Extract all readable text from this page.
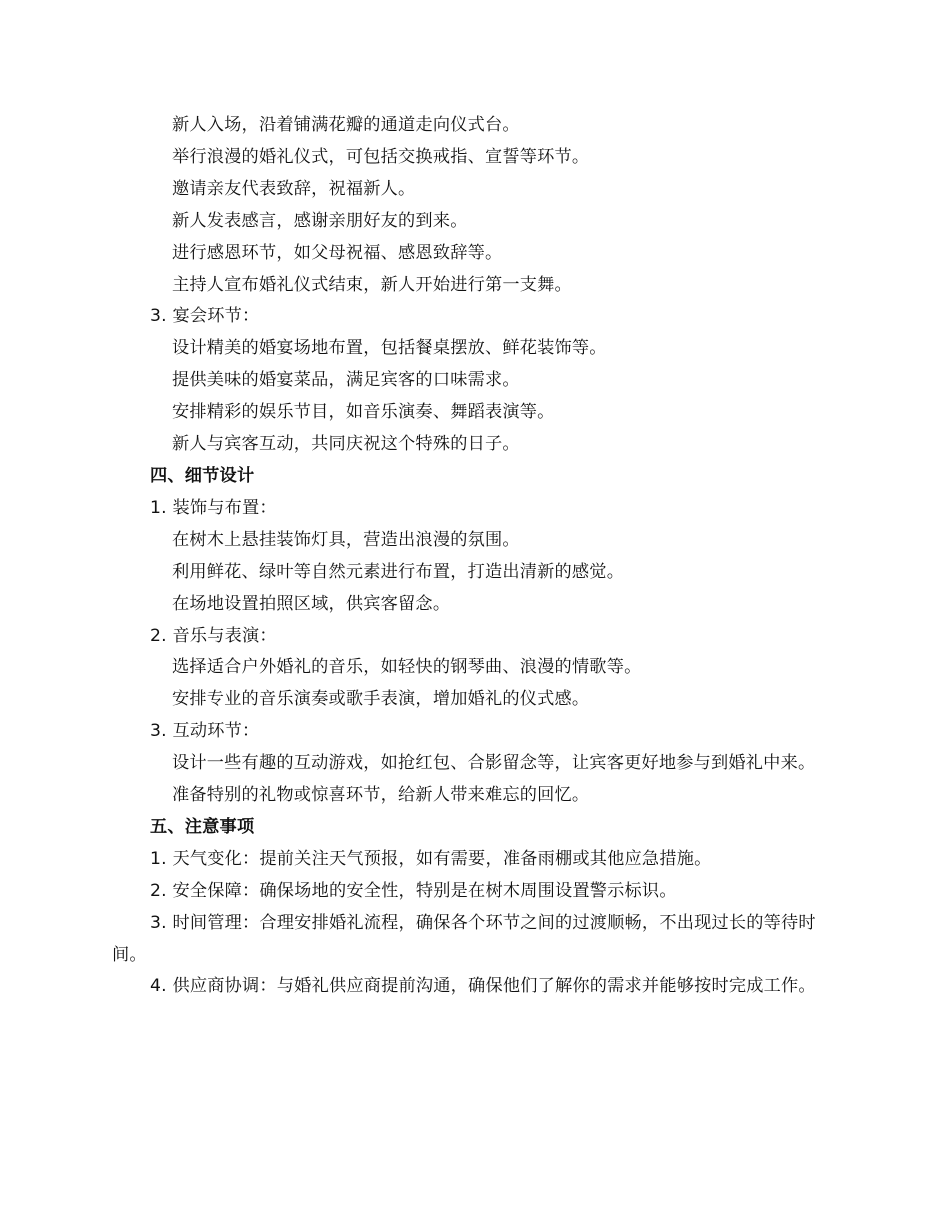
新人入场，沿着铺满花瓣的通道走向仪式台。
举行浪漫的婚礼仪式，可包括交换戒指、宣誓等环节。
邀请亲友代表致辞，祝福新人。
新人发表感言，感谢亲朋好友的到来。
进行感恩环节，如父母祝福、感恩致辞等。
主持人宣布婚礼仪式结束，新人开始进行第一支舞。
3. 宴会环节：
设计精美的婚宴场地布置，包括餐桌摆放、鲜花装饰等。
提供美味的婚宴菜品，满足宾客的口味需求。
安排精彩的娱乐节目，如音乐演奏、舞蹈表演等。
新人与宾客互动，共同庆祝这个特殊的日子。
四、细节设计
1. 装饰与布置：
在树木上悬挂装饰灯具，营造出浪漫的氛围。
利用鲜花、绿叶等自然元素进行布置，打造出清新的感觉。
在场地设置拍照区域，供宾客留念。
2. 音乐与表演：
选择适合户外婚礼的音乐，如轻快的钢琴曲、浪漫的情歌等。
安排专业的音乐演奏或歌手表演，增加婚礼的仪式感。
3. 互动环节：
设计一些有趣的互动游戏，如抢红包、合影留念等，让宾客更好地参与到婚礼中来。
准备特别的礼物或惊喜环节，给新人带来难忘的回忆。
五、注意事项
1. 天气变化：提前关注天气预报，如有需要，准备雨棚或其他应急措施。
2. 安全保障：确保场地的安全性，特别是在树木周围设置警示标识。
3. 时间管理：合理安排婚礼流程，确保各个环节之间的过渡顺畅，不出现过长的等待时间。
4. 供应商协调：与婚礼供应商提前沟通，确保他们了解你的需求并能够按时完成工作。
